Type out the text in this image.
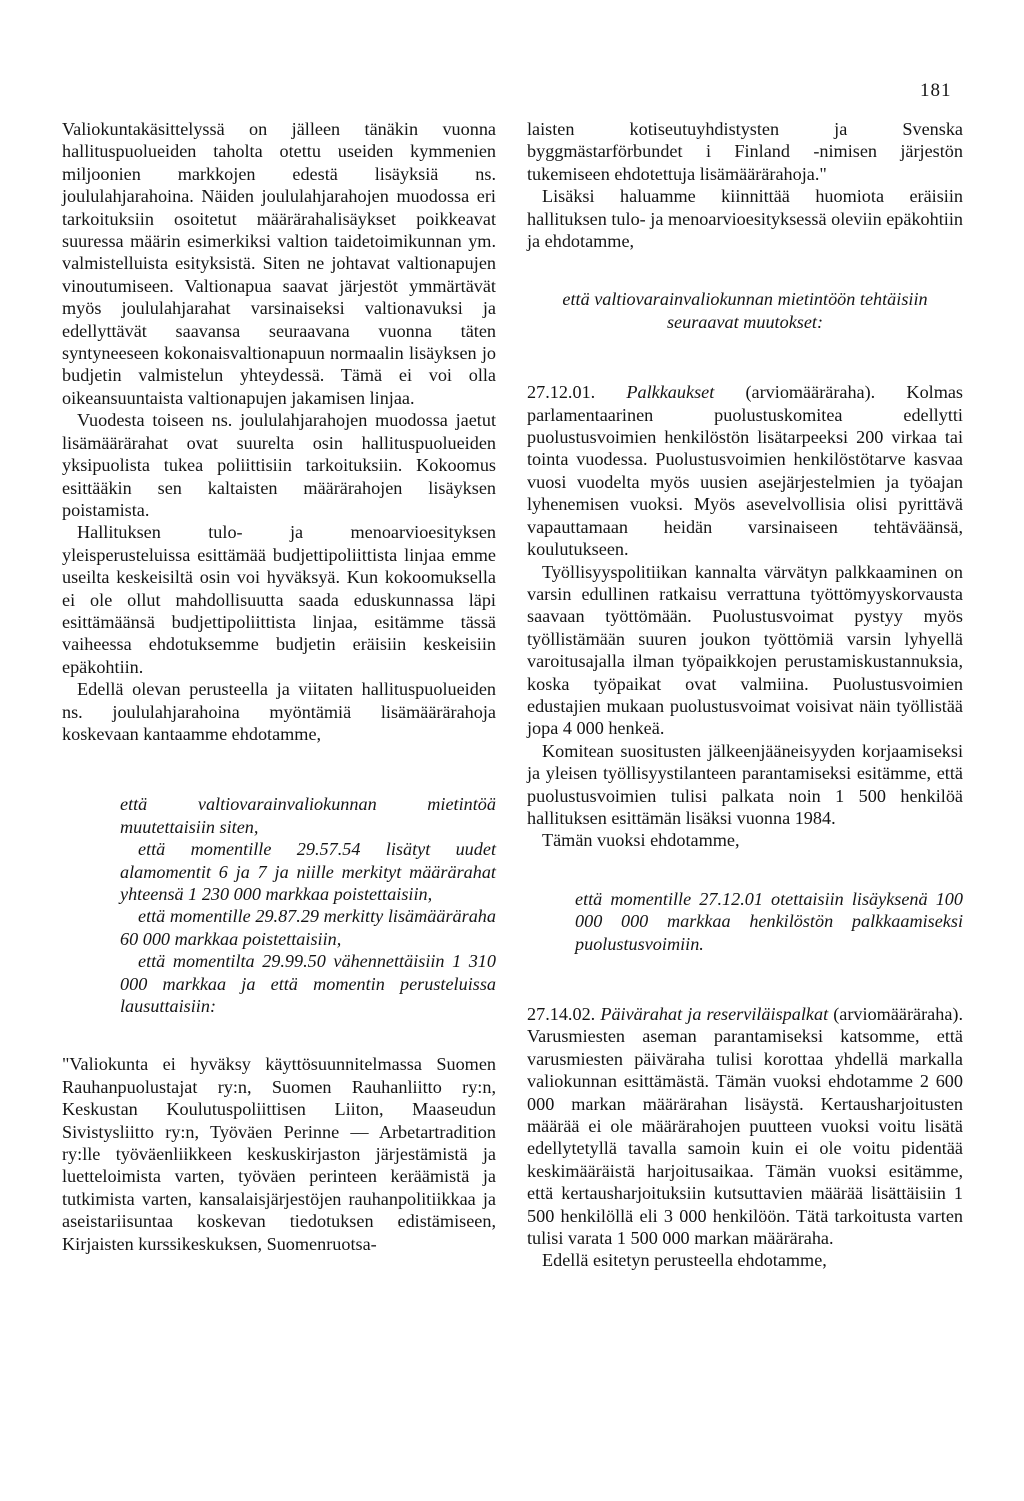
181

Valiokuntakäsittelyssä on jälleen tänäkin vuonna hallituspuolueiden taholta otettu useiden kymmenien miljoonien markkojen edestä lisäyksiä ns. joululahjarahoina. Näiden joululahjarahojen muodossa eri tarkoituksiin osoitetut määrärahalisäykset poikkeavat suuressa määrin esimerkiksi valtion taidetoimikunnan ym. valmistelluista esityksistä. Siten ne johtavat valtionapujen vinoutumiseen. Valtionapua saavat järjestöt ymmärtävät myös joululahjarahat varsinaiseksi valtionavuksi ja edellyttävät saavansa seuraavana vuonna täten syntyneeseen kokonaisvaltionapuun normaalin lisäyksen jo budjetin valmistelun yhteydessä. Tämä ei voi olla oikeansuuntaista valtionapujen jakamisen linjaa.

Vuodesta toiseen ns. joululahjarahojen muodossa jaetut lisämäärärahat ovat suurelta osin hallituspuolueiden yksipuolista tukea poliittisiin tarkoituksiin. Kokoomus esittääkin sen kaltaisten määrärahojen lisäyksen poistamista.

Hallituksen tulo- ja menoarvioesityksen yleisperusteluissa esittämää budjettipoliittista linjaa emme useilta keskeisiltä osin voi hyväksyä. Kun kokoomuksella ei ole ollut mahdollisuutta saada eduskunnassa läpi esittämäänsä budjettipoliittista linjaa, esitämme tässä vaiheessa ehdotuksemme budjetin eräisiin keskeisiin epäkohtiin.

Edellä olevan perusteella ja viitaten hallituspuolueiden ns. joululahjarahoina myöntämiä lisämäärärahoja koskevaan kantaamme ehdotamme,

että valtiovarainvaliokunnan mietintöä muutettaisiin siten,

että momentille 29.57.54 lisätyt uudet alamomentit 6 ja 7 ja niille merkityt määrärahat yhteensä 1 230 000 markkaa poistettaisiin,

että momentille 29.87.29 merkitty lisämääräraha 60 000 markkaa poistettaisiin,

että momentilta 29.99.50 vähennettäisiin 1 310 000 markkaa ja että momentin perusteluissa lausuttaisiin:

"Valiokunta ei hyväksy käyttösuunnitelmassa Suomen Rauhanpuolustajat ry:n, Suomen Rauhanliitto ry:n, Keskustan Koulutuspoliittisen Liiton, Maaseudun Sivistysliitto ry:n, Työväen Perinne — Arbetartradition ry:lle työväenliikkeen keskuskirjaston järjestämistä ja luetteloimista varten, työväen perinteen keräämistä ja tutkimista varten, kansalaisjärjestöjen rauhanpolitiikkaa ja aseistariisuntaa koskevan tiedotuksen edistämiseen, Kirjaisten kurssikeskuksen, Suomenruotsa-

laisten kotiseutuyhdistysten ja Svenska byggmästarförbundet i Finland -nimisen järjestön tukemiseen ehdotettuja lisämäärärahoja."

Lisäksi haluamme kiinnittää huomiota eräisiin hallituksen tulo- ja menoarvioesityksessä oleviin epäkohtiin ja ehdotamme,

että valtiovarainvaliokunnan mietintöön tehtäisiin seuraavat muutokset:

27.12.01. Palkkaukset (arviomääräraha). Kolmas parlamentaarinen puolustuskomitea edellytti puolustusvoimien henkilöstön lisätarpeeksi 200 virkaa tai tointa vuodessa. Puolustusvoimien henkilöstötarve kasvaa vuosi vuodelta myös uusien asejärjestelmien ja työajan lyhenemisen vuoksi. Myös asevelvollisia olisi pyrittävä vapauttamaan heidän varsinaiseen tehtäväänsä, koulutukseen.

Työllisyyspolitiikan kannalta värvätyn palkkaaminen on varsin edullinen ratkaisu verrattuna työttömyyskorvausta saavaan työttömään. Puolustusvoimat pystyy myös työllistämään suuren joukon työttömiä varsin lyhyellä varoitusajalla ilman työpaikkojen perustamiskustannuksia, koska työpaikat ovat valmiina. Puolustusvoimien edustajien mukaan puolustusvoimat voisivat näin työllistää jopa 4 000 henkeä.

Komitean suositusten jälkeenjääneisyyden korjaamiseksi ja yleisen työllisyystilanteen parantamiseksi esitämme, että puolustusvoimien tulisi palkata noin 1 500 henkilöä hallituksen esittämän lisäksi vuonna 1984.

Tämän vuoksi ehdotamme,

että momentille 27.12.01 otettaisiin lisäyksenä 100 000 000 markkaa henkilöstön palkkaamiseksi puolustusvoimiin.

27.14.02. Päivärahat ja reserviläispalkat (arviomääräraha). Varusmiesten aseman parantamiseksi katsomme, että varusmiesten päiväraha tulisi korottaa yhdellä markalla valiokunnan esittämästä. Tämän vuoksi ehdotamme 2 600 000 markan määrärahan lisäystä. Kertausharjoitusten määrää ei ole määrärahojen puutteen vuoksi voitu lisätä edellytetyllä tavalla samoin kuin ei ole voitu pidentää keskimääräistä harjoitusaikaa. Tämän vuoksi esitämme, että kertausharjoituksiin kutsuttavien määrää lisättäisiin 1 500 henkilöllä eli 3 000 henkilöön. Tätä tarkoitusta varten tulisi varata 1 500 000 markan määräraha.

Edellä esitetyn perusteella ehdotamme,
